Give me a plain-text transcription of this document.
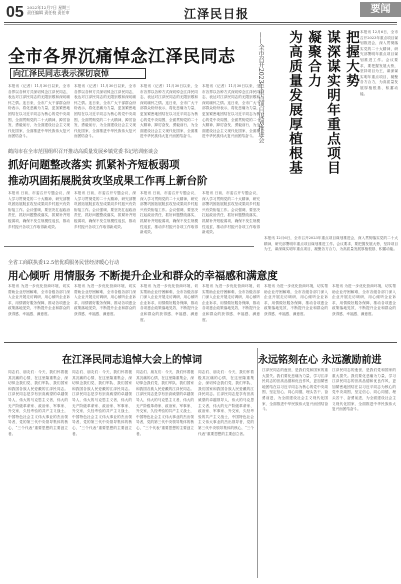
05 2022年12月7日 星期三
责任编辑 责任校 责任审	江泽民日报	要闻
全市各界沉痛悼念江泽民同志
向江泽民同志表示深切哀悼
本报讯（记者）11月30日以来，全市各界以各种方式深切悼念江泽民同志，表达对江泽民同志的无限崇敬和深切缅怀之情。连日来，全市广大干部群众纷纷表示，将化悲痛为力量，更加紧密地团结在以习近平同志为核心的党中央周围，全面贯彻党的二十大精神，踔厉奋发、勇毅前行，为全面建设社会主义现代化国家、全面推进中华民族伟大复兴而团结奋斗。
本报讯（记者）11月30日以来，全市各界以各种方式深切悼念江泽民同志，表达对江泽民同志的无限崇敬和深切缅怀之情。连日来，全市广大干部群众纷纷表示，将化悲痛为力量，更加紧密地团结在以习近平同志为核心的党中央周围，全面贯彻党的二十大精神，踔厉奋发、勇毅前行，为全面建设社会主义现代化国家、全面推进中华民族伟大复兴而团结奋斗。
本报讯（记者）11月30日以来，全市各界以各种方式深切悼念江泽民同志，表达对江泽民同志的无限崇敬和深切缅怀之情。连日来，全市广大干部群众纷纷表示，将化悲痛为力量，更加紧密地团结在以习近平同志为核心的党中央周围，全面贯彻党的二十大精神，踔厉奋发、勇毅前行，为全面建设社会主义现代化国家、全面推进中华民族伟大复兴而团结奋斗。
本报讯（记者）11月30日以来，全市各界以各种方式深切悼念江泽民同志，表达对江泽民同志的无限崇敬和深切缅怀之情。连日来，全市广大干部群众纷纷表示，将化悲痛为力量，更加紧密地团结在以习近平同志为核心的党中央周围，全面贯彻党的二十大精神，踔厉奋发、勇毅前行，为全面建设社会主义现代化国家、全面推进中华民族伟大复兴而团结奋斗。
鹤岗市在全市范围组织召开推动高质量发展乡镇党委书记培训座谈会
抓好问题整改落实 抓紧补齐短板弱项
推动巩固拓展脱贫攻坚成果工作再上新台阶
本报讯 日前，市委召开专题会议，深入学习贯彻党的二十大精神，研究部署巩固拓展脱贫攻坚成果同乡村振兴有效衔接工作。会议强调，要坚决扛起政治责任，抓好问题整改落实，抓紧补齐短板弱项，确保不发生规模性返贫，推动乡村振兴各项工作取得新成效。
本报讯 日前，市委召开专题会议，深入学习贯彻党的二十大精神，研究部署巩固拓展脱贫攻坚成果同乡村振兴有效衔接工作。会议强调，要坚决扛起政治责任，抓好问题整改落实，抓紧补齐短板弱项，确保不发生规模性返贫，推动乡村振兴各项工作取得新成效。
本报讯 日前，市委召开专题会议，深入学习贯彻党的二十大精神，研究部署巩固拓展脱贫攻坚成果同乡村振兴有效衔接工作。会议强调，要坚决扛起政治责任，抓好问题整改落实，抓紧补齐短板弱项，确保不发生规模性返贫，推动乡村振兴各项工作取得新成效。
本报讯 日前，市委召开专题会议，深入学习贯彻党的二十大精神，研究部署巩固拓展脱贫攻坚成果同乡村振兴有效衔接工作。会议强调，要坚决扛起政治责任，抓好问题整改落实，抓紧补齐短板弱项，确保不发生规模性返贫，推动乡村振兴各项工作取得新成效。
全省工商联执委12.5倍优质服务民营经济暖心行动
用心倾听 用情服务 不断提升企业和群众的幸福感和满意度
本报讯 为进一步优化营商环境，切实帮助企业纾困解难，全市各级各部门深入企业开展走访调研，用心倾听企业诉求，用情做好服务保障，推动各项惠企政策落地见效，不断提升企业和群众的获得感、幸福感、满意度。
本报讯 为进一步优化营商环境，切实帮助企业纾困解难，全市各级各部门深入企业开展走访调研，用心倾听企业诉求，用情做好服务保障，推动各项惠企政策落地见效，不断提升企业和群众的获得感、幸福感、满意度。
本报讯 为进一步优化营商环境，切实帮助企业纾困解难，全市各级各部门深入企业开展走访调研，用心倾听企业诉求，用情做好服务保障，推动各项惠企政策落地见效，不断提升企业和群众的获得感、幸福感、满意度。
本报讯 为进一步优化营商环境，切实帮助企业纾困解难，全市各级各部门深入企业开展走访调研，用心倾听企业诉求，用情做好服务保障，推动各项惠企政策落地见效，不断提升企业和群众的获得感、幸福感、满意度。
本报讯 为进一步优化营商环境，切实帮助企业纾困解难，全市各级各部门深入企业开展走访调研，用心倾听企业诉求，用情做好服务保障，推动各项惠企政策落地见效，不断提升企业和群众的获得感、幸福感、满意度。
本报讯 为进一步优化营商环境，切实帮助企业纾困解难，全市各级各部门深入企业开展走访调研，用心倾听企业诉求，用情做好服务保障，推动各项惠企政策落地见效，不断提升企业和群众的获得感、幸福感、满意度。
把握大势
谋深谋实明年重点项目
凝聚合力
为高质量发展厚植根基
——全市召开2023年重点项目谋划推进会	本报讯 12月6日，全市召开2023年重点项目谋划推进会，深入贯彻落实党的二十大精神，研究部署明年重点项目谋划推进工作。会议要求，要把握发展大势，坚持项目为王，谋深谋实明年重点项目，凝聚各方合力，为高质量发展厚植根基、积蓄动能。
本报讯 12月6日，全市召开2023年重点项目谋划推进会，深入贯彻落实党的二十大精神，研究部署明年重点项目谋划推进工作。会议要求，要把握发展大势，坚持项目为王，谋深谋实明年重点项目，凝聚各方合力，为高质量发展厚植根基、积蓄动能。
在江泽民同志追悼大会上的悼词
同志们、朋友们：今天，我们怀着极其沉痛的心情，在这里隆重集会，深切悼念我们党、我们军队、我们国家和我国各族人民爱戴的江泽民同志。江泽民同志是享有崇高威望的卓越领导人，伟大的马克思主义者，伟大的无产阶级革命家、政治家、军事家、外交家，久经考验的共产主义战士，中国特色社会主义伟大事业的杰出领导者，党的第三代中央领导集体的核心，“三个代表”重要思想的主要创立者。
同志们、朋友们：今天，我们怀着极其沉痛的心情，在这里隆重集会，深切悼念我们党、我们军队、我们国家和我国各族人民爱戴的江泽民同志。江泽民同志是享有崇高威望的卓越领导人，伟大的马克思主义者，伟大的无产阶级革命家、政治家、军事家、外交家，久经考验的共产主义战士，中国特色社会主义伟大事业的杰出领导者，党的第三代中央领导集体的核心，“三个代表”重要思想的主要创立者。
同志们、朋友们：今天，我们怀着极其沉痛的心情，在这里隆重集会，深切悼念我们党、我们军队、我们国家和我国各族人民爱戴的江泽民同志。江泽民同志是享有崇高威望的卓越领导人，伟大的马克思主义者，伟大的无产阶级革命家、政治家、军事家、外交家，久经考验的共产主义战士，中国特色社会主义伟大事业的杰出领导者，党的第三代中央领导集体的核心，“三个代表”重要思想的主要创立者。
同志们、朋友们：今天，我们怀着极其沉痛的心情，在这里隆重集会，深切悼念我们党、我们军队、我们国家和我国各族人民爱戴的江泽民同志。江泽民同志是享有崇高威望的卓越领导人，伟大的马克思主义者，伟大的无产阶级革命家、政治家、军事家、外交家，久经考验的共产主义战士，中国特色社会主义伟大事业的杰出领导者，党的第三代中央领导集体的核心，“三个代表”重要思想的主要创立者。
永远铭刻在心 永远激励前进
江泽民同志的逝世，是我们党和国家的重大损失。我们要化悲痛为力量，学习江泽民同志的崇高品德和优良作风，更加紧密地团结在以习近平同志为核心的党中央周围，坚定信心、同心同德，埋头苦干、奋勇前进，为全面建设社会主义现代化国家、全面推进中华民族伟大复兴而团结奋斗。
江泽民同志的逝世，是我们党和国家的重大损失。我们要化悲痛为力量，学习江泽民同志的崇高品德和优良作风，更加紧密地团结在以习近平同志为核心的党中央周围，坚定信心、同心同德，埋头苦干、奋勇前进，为全面建设社会主义现代化国家、全面推进中华民族伟大复兴而团结奋斗。
